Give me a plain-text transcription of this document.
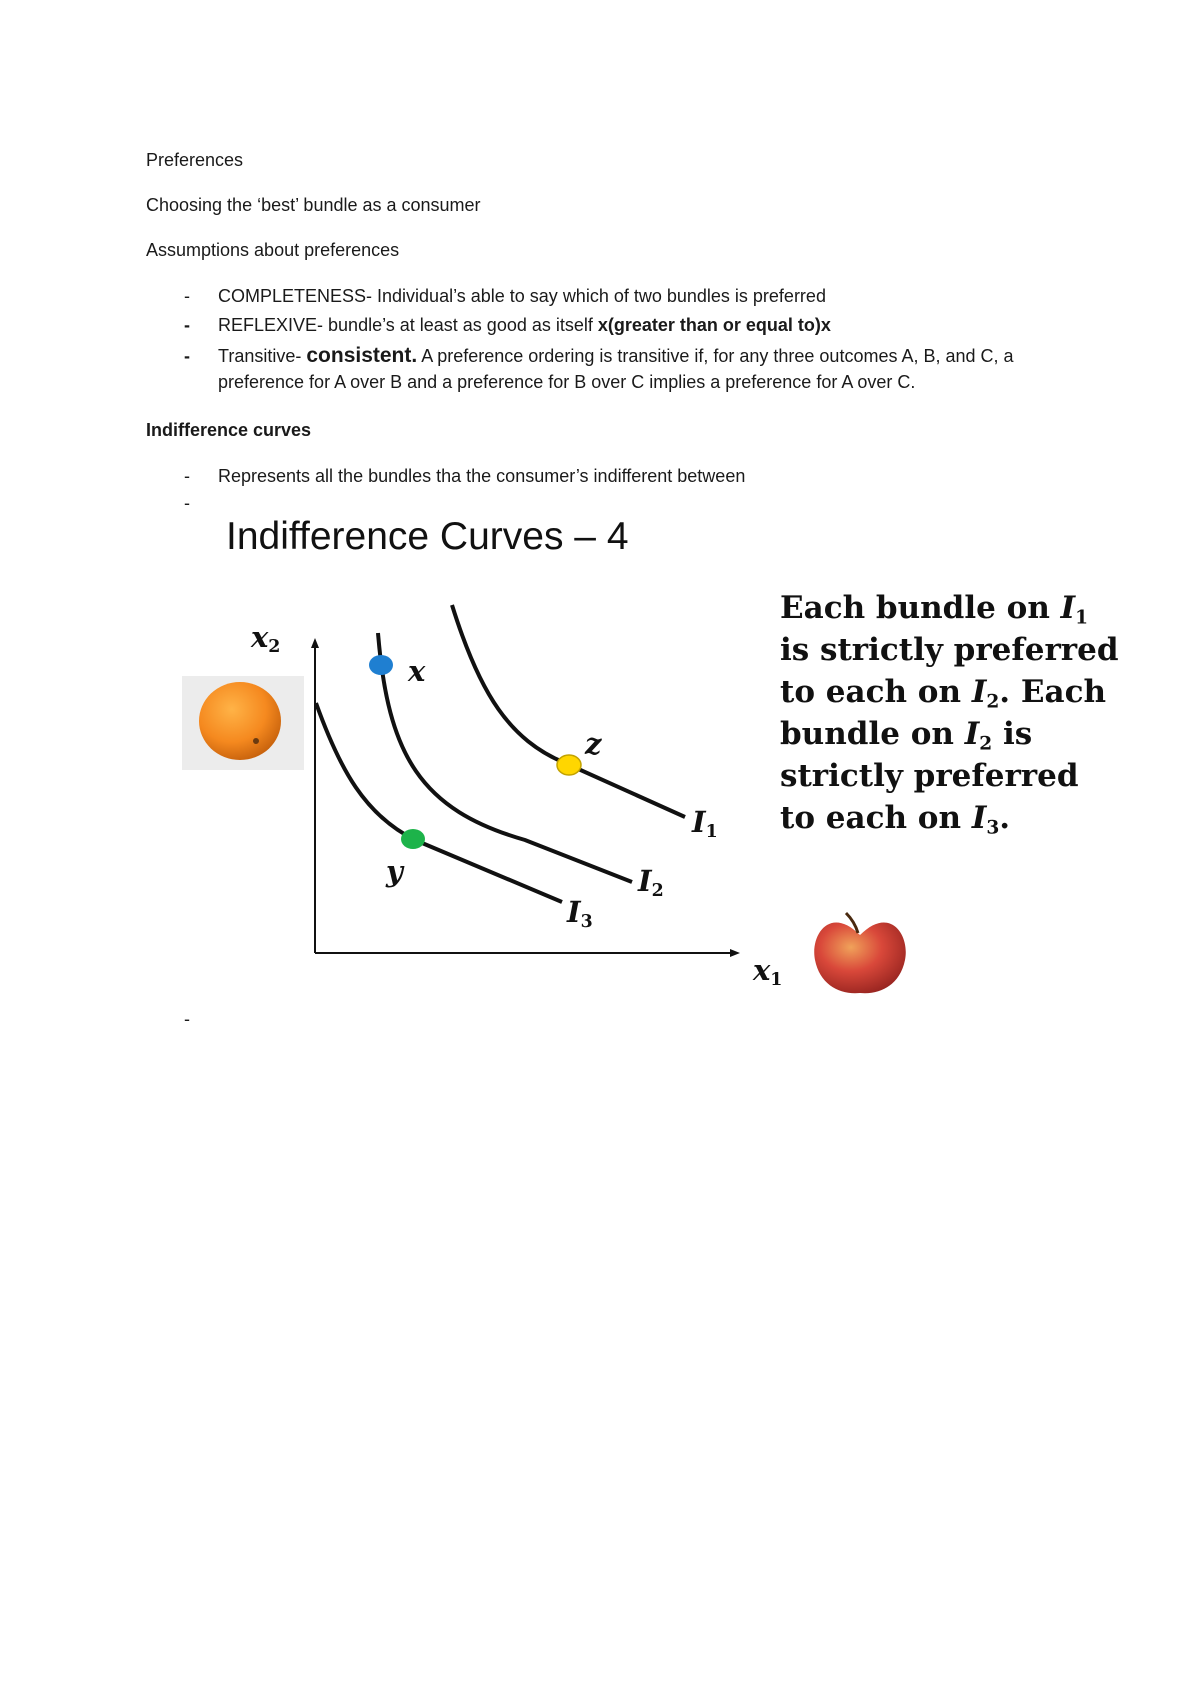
Preferences

Choosing the ‘best’ bundle as a consumer

Assumptions about preferences

-	COMPLETENESS- Individual’s able to say which of two bundles is preferred
-	REFLEXIVE- bundle’s at least as good as itself x(greater than or equal to)x
-	Transitive- consistent. A preference ordering is transitive if, for any three outcomes A, B, and C, a preference for A over B and a preference for B over C implies a preference for A over C.

Indifference curves

-	Represents all the bundles tha the consumer’s indifferent between
-
Indifference Curves – 4
$x_2$
$x_1$
$I_1$
$I_2$
$I_3$
x
z
y
Each bundle on $I_1$ is strictly preferred to each on $I_2$. Each bundle on $I_2$ is strictly preferred to each on $I_3$.
-
